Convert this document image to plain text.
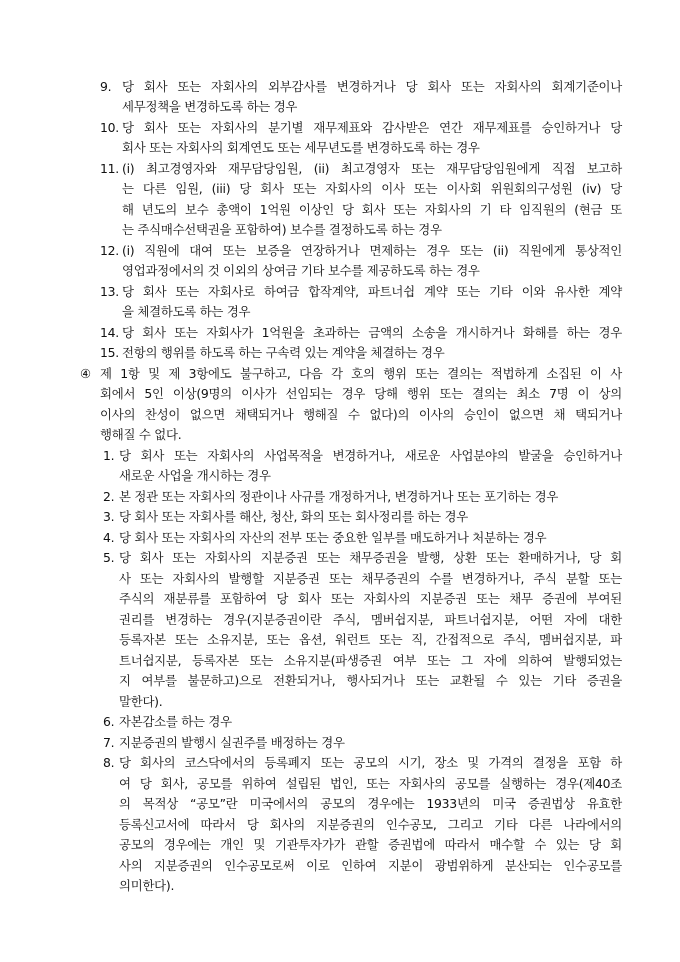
9. 당 회사 또는 자회사의 외부감사를 변경하거나 당 회사 또는 자회사의 회계기준이나
세무정책을 변경하도록 하는 경우
10. 당 회사 또는 자회사의 분기별 재무제표와 감사받은 연간 재무제표를 승인하거나 당
회사 또는 자회사의 회계연도 또는 세무년도를 변경하도록 하는 경우
11. (i) 최고경영자와 재무담당임원, (ii) 최고경영자 또는 재무담당임원에게 직접 보고하
는 다른 임원, (iii) 당 회사 또는 자회사의 이사 또는 이사회 위원회의구성원 (iv) 당
해 년도의 보수 총액이 1억원 이상인 당 회사 또는 자회사의 기 타 임직원의 (현금 또
는 주식매수선택권을 포함하여) 보수를 결정하도록 하는 경우
12. (i) 직원에 대여 또는 보증을 연장하거나 면제하는 경우 또는 (ii) 직원에게 통상적인
영업과정에서의 것 이외의 상여금 기타 보수를 제공하도록 하는 경우
13. 당 회사 또는 자회사로 하여금 합작계약, 파트너쉽 계약 또는 기타 이와 유사한 계약
을 체결하도록 하는 경우
14. 당 회사 또는 자회사가 1억원을 초과하는 금액의 소송을 개시하거나 화해를 하는 경우
15. 전항의 행위를 하도록 하는 구속력 있는 계약을 체결하는 경우
④ 제 1항 및 제 3항에도 불구하고, 다음 각 호의 행위 또는 결의는 적법하게 소집된 이 사
회에서 5인 이상(9명의 이사가 선임되는 경우 당해 행위 또는 결의는 최소 7명 이 상의
이사의 찬성이 없으면 채택되거나 행해질 수 없다)의 이사의 승인이 없으면 채 택되거나
행해질 수 없다.
1. 당 회사 또는 자회사의 사업목적을 변경하거나, 새로운 사업분야의 발굴을 승인하거나
새로운 사업을 개시하는 경우
2. 본 정관 또는 자회사의 정관이나 사규를 개정하거나, 변경하거나 또는 포기하는 경우
3. 당 회사 또는 자회사를 해산, 청산, 화의 또는 회사정리를 하는 경우
4. 당 회사 또는 자회사의 자산의 전부 또는 중요한 일부를 매도하거나 처분하는 경우
5. 당 회사 또는 자회사의 지분증권 또는 채무증권을 발행, 상환 또는 환매하거나, 당 회
사 또는 자회사의 발행할 지분증권 또는 채무증권의 수를 변경하거나, 주식 분할 또는
주식의 재분류를 포함하여 당 회사 또는 자회사의 지분증권 또는 채무 증권에 부여된
권리를 변경하는 경우(지분증권이란 주식, 멤버쉽지분, 파트너쉽지분, 어떤 자에 대한
등록자본 또는 소유지분, 또는 옵션, 워런트 또는 직, 간접적으로 주식, 멤버쉽지분, 파
트너쉽지분, 등록자본 또는 소유지분(파생증권 여부 또는 그 자에 의하여 발행되었는
지 여부를 불문하고)으로 전환되거나, 행사되거나 또는 교환될 수 있는 기타 증권을
말한다).
6. 자본감소를 하는 경우
7. 지분증권의 발행시 실권주를 배정하는 경우
8. 당 회사의 코스닥에서의 등록폐지 또는 공모의 시기, 장소 및 가격의 결정을 포함 하
여 당 회사, 공모를 위하여 설립된 법인, 또는 자회사의 공모를 실행하는 경우(제40조
의 목적상 “공모”란 미국에서의 공모의 경우에는 1933년의 미국 증권법상 유효한
등록신고서에 따라서 당 회사의 지분증권의 인수공모, 그리고 기타 다른 나라에서의
공모의 경우에는 개인 및 기관투자가가 관할 증권법에 따라서 매수할 수 있는 당 회
사의 지분증권의 인수공모로써 이로 인하여 지분이 광범위하게 분산되는 인수공모를
의미한다).
